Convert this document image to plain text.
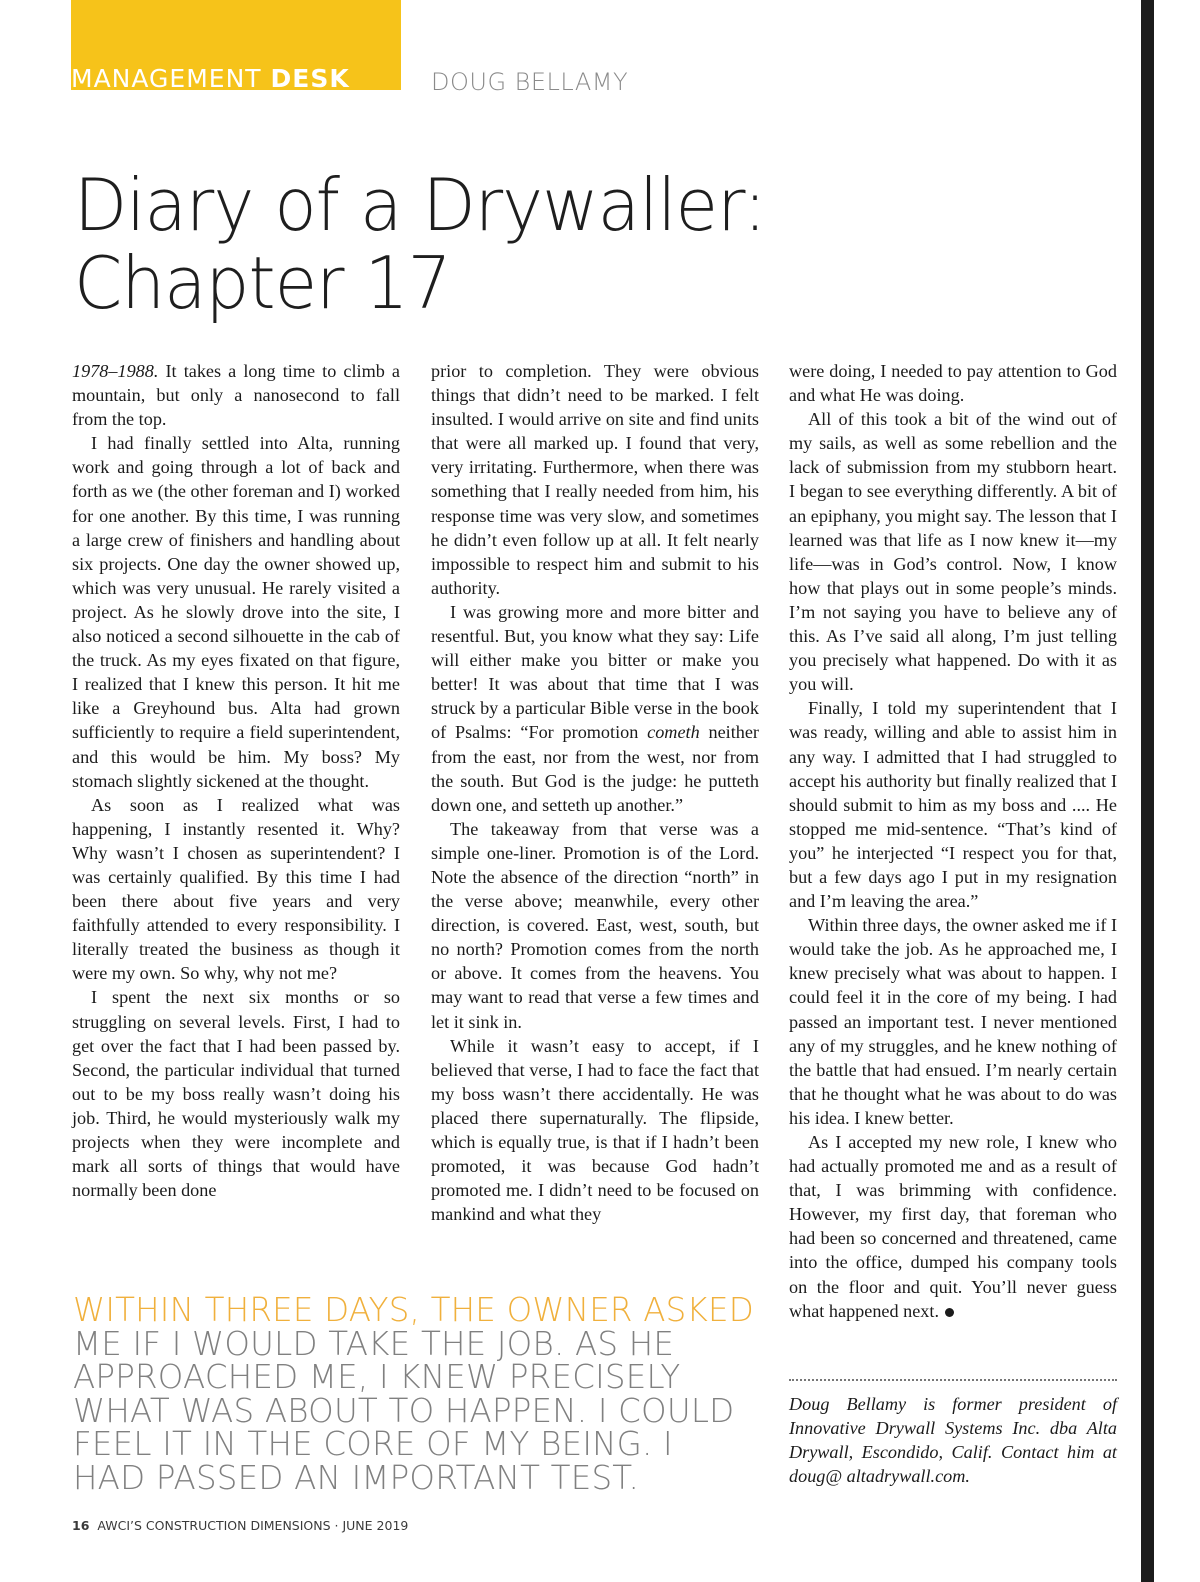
MANAGEMENT DESK	DOUG BELLAMY
Diary of a Drywaller:
Chapter 17

1978–1988. It takes a long time to climb a mountain, but only a nanosecond to fall from the top.

I had finally settled into Alta, running work and going through a lot of back and forth as we (the other foreman and I) worked for one another. By this time, I was running a large crew of finishers and handling about six projects. One day the owner showed up, which was very unusual. He rarely visited a project. As he slowly drove into the site, I also noticed a second silhouette in the cab of the truck. As my eyes fixated on that figure, I realized that I knew this person. It hit me like a Greyhound bus. Alta had grown sufficiently to require a field superintendent, and this would be him. My boss? My stomach slightly sickened at the thought.

As soon as I realized what was happening, I instantly resented it. Why? Why wasn’t I chosen as superintendent? I was certainly qualified. By this time I had been there about five years and very faithfully attended to every responsibility. I literally treated the business as though it were my own. So why, why not me?

I spent the next six months or so struggling on several levels. First, I had to get over the fact that I had been passed by. Second, the particular individual that turned out to be my boss really wasn’t doing his job. Third, he would mysteriously walk my projects when they were incomplete and mark all sorts of things that would have normally been done

prior to completion. They were obvious things that didn’t need to be marked. I felt insulted. I would arrive on site and find units that were all marked up. I found that very, very irritating. Furthermore, when there was something that I really needed from him, his response time was very slow, and sometimes he didn’t even follow up at all. It felt nearly impossible to respect him and submit to his authority.

I was growing more and more bitter and resentful. But, you know what they say: Life will either make you bitter or make you better! It was about that time that I was struck by a particular Bible verse in the book of Psalms: “For promotion cometh neither from the east, nor from the west, nor from the south. But God is the judge: he putteth down one, and setteth up another.”

The takeaway from that verse was a simple one-liner. Promotion is of the Lord. Note the absence of the direction “north” in the verse above; meanwhile, every other direction, is covered. East, west, south, but no north? Promotion comes from the north or above. It comes from the heavens. You may want to read that verse a few times and let it sink in.

While it wasn’t easy to accept, if I believed that verse, I had to face the fact that my boss wasn’t there accidentally. He was placed there supernaturally. The flipside, which is equally true, is that if I hadn’t been promoted, it was because God hadn’t promoted me. I didn’t need to be focused on mankind and what they

were doing, I needed to pay attention to God and what He was doing.

All of this took a bit of the wind out of my sails, as well as some rebellion and the lack of submission from my stubborn heart. I began to see everything differently. A bit of an epiphany, you might say. The lesson that I learned was that life as I now knew it—my life—was in God’s control. Now, I know how that plays out in some people’s minds. I’m not saying you have to believe any of this. As I’ve said all along, I’m just telling you precisely what happened. Do with it as you will.

Finally, I told my superintendent that I was ready, willing and able to assist him in any way. I admitted that I had struggled to accept his authority but finally realized that I should submit to him as my boss and .... He stopped me mid-sentence. “That’s kind of you” he interjected “I respect you for that, but a few days ago I put in my resignation and I’m leaving the area.”

Within three days, the owner asked me if I would take the job. As he approached me, I knew precisely what was about to happen. I could feel it in the core of my being. I had passed an important test. I never mentioned any of my struggles, and he knew nothing of the battle that had ensued. I’m nearly certain that he thought what he was about to do was his idea. I knew better.

As I accepted my new role, I knew who had actually promoted me and as a result of that, I was brimming with confidence. However, my first day, that foreman who had been so concerned and threatened, came into the office, dumped his company tools on the floor and quit. You’ll never guess what happened next.

Doug Bellamy is former president of Innovative Drywall Systems Inc. dba Alta Drywall, Escondido, Calif. Contact him at doug@ altadrywall.com.
WITHIN THREE DAYS, THE OWNER ASKED
ME IF I WOULD TAKE THE JOB. AS HE
APPROACHED ME, I KNEW PRECISELY
WHAT WAS ABOUT TO HAPPEN. I COULD
FEEL IT IN THE CORE OF MY BEING. I
HAD PASSED AN IMPORTANT TEST.
16 AWCI’S CONSTRUCTION DIMENSIONS · JUNE 2019
